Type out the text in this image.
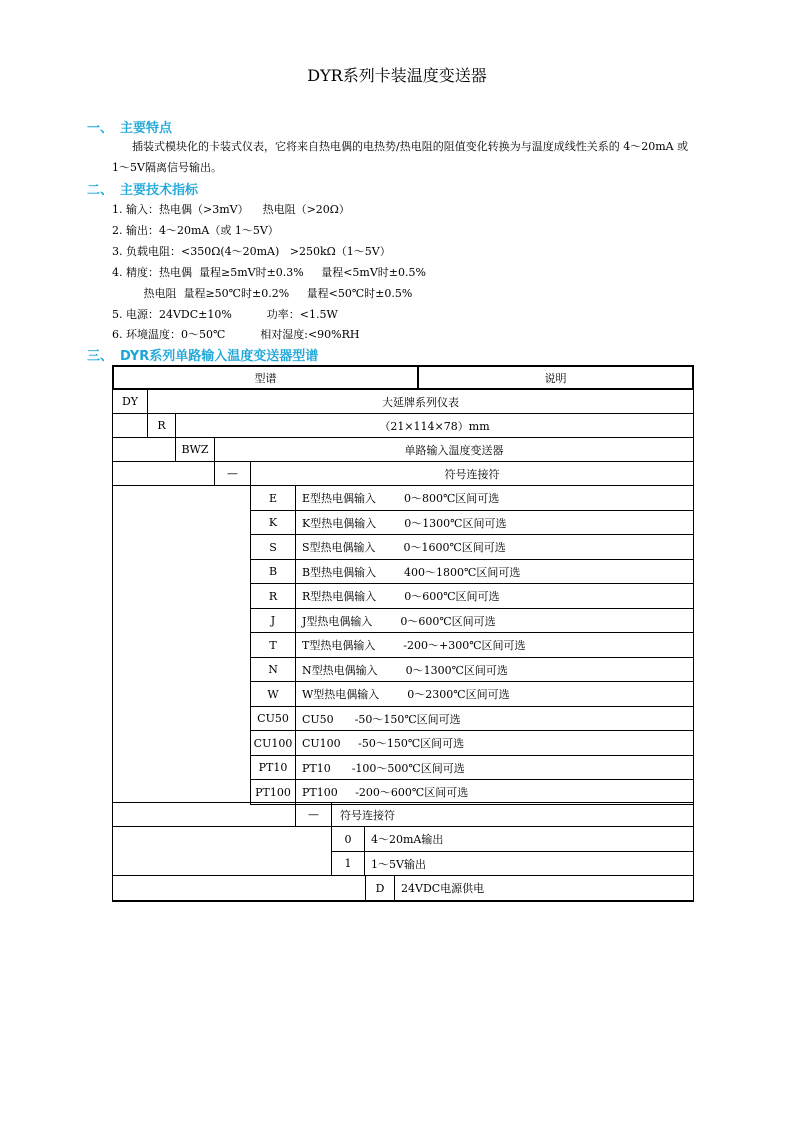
DYR系列卡装温度变送器
一、 主要特点
插装式模块化的卡装式仪表，它将来自热电偶的电热势/热电阻的阻值变化转换为与温度成线性关系的 4～20mA 或
1～5V隔离信号输出。
二、 主要技术指标
1. 输入：热电偶（>3mV）    热电阻（>20Ω）
2. 输出：4～20mA（或 1～5V）
3. 负载电阻：<350Ω(4～20mA)   >250kΩ（1～5V）
4. 精度：热电偶  量程≥5mV时±0.3%     量程<5mV时±0.5%
热电阻  量程≥50℃时±0.2%     量程<50℃时±0.5%
5. 电源：24VDC±10%          功率：<1.5W
6. 环境温度：0～50℃          相对湿度:<90%RH
三、 DYR系列单路输入温度变送器型谱
型谱	说明
DY	大延牌系列仪表
R	（21×114×78）mm
BWZ	单路输入温度变送器
—	符号连接符
E	E型热电偶输入        0～800℃区间可选
K	K型热电偶输入        0～1300℃区间可选
S	S型热电偶输入        0～1600℃区间可选
B	B型热电偶输入        400～1800℃区间可选
R	R型热电偶输入        0～600℃区间可选
J	J型热电偶输入        0～600℃区间可选
T	T型热电偶输入        -200～+300℃区间可选
N	N型热电偶输入        0～1300℃区间可选
W	W型热电偶输入        0～2300℃区间可选
CU50	CU50      -50～150℃区间可选
CU100 CU100     -50～150℃区间可选
PT10	PT10      -100～500℃区间可选
PT100	PT100     -200～600℃区间可选
—	符号连接符
0	4～20mA输出
1	1～5V输出
D	24VDC电源供电
